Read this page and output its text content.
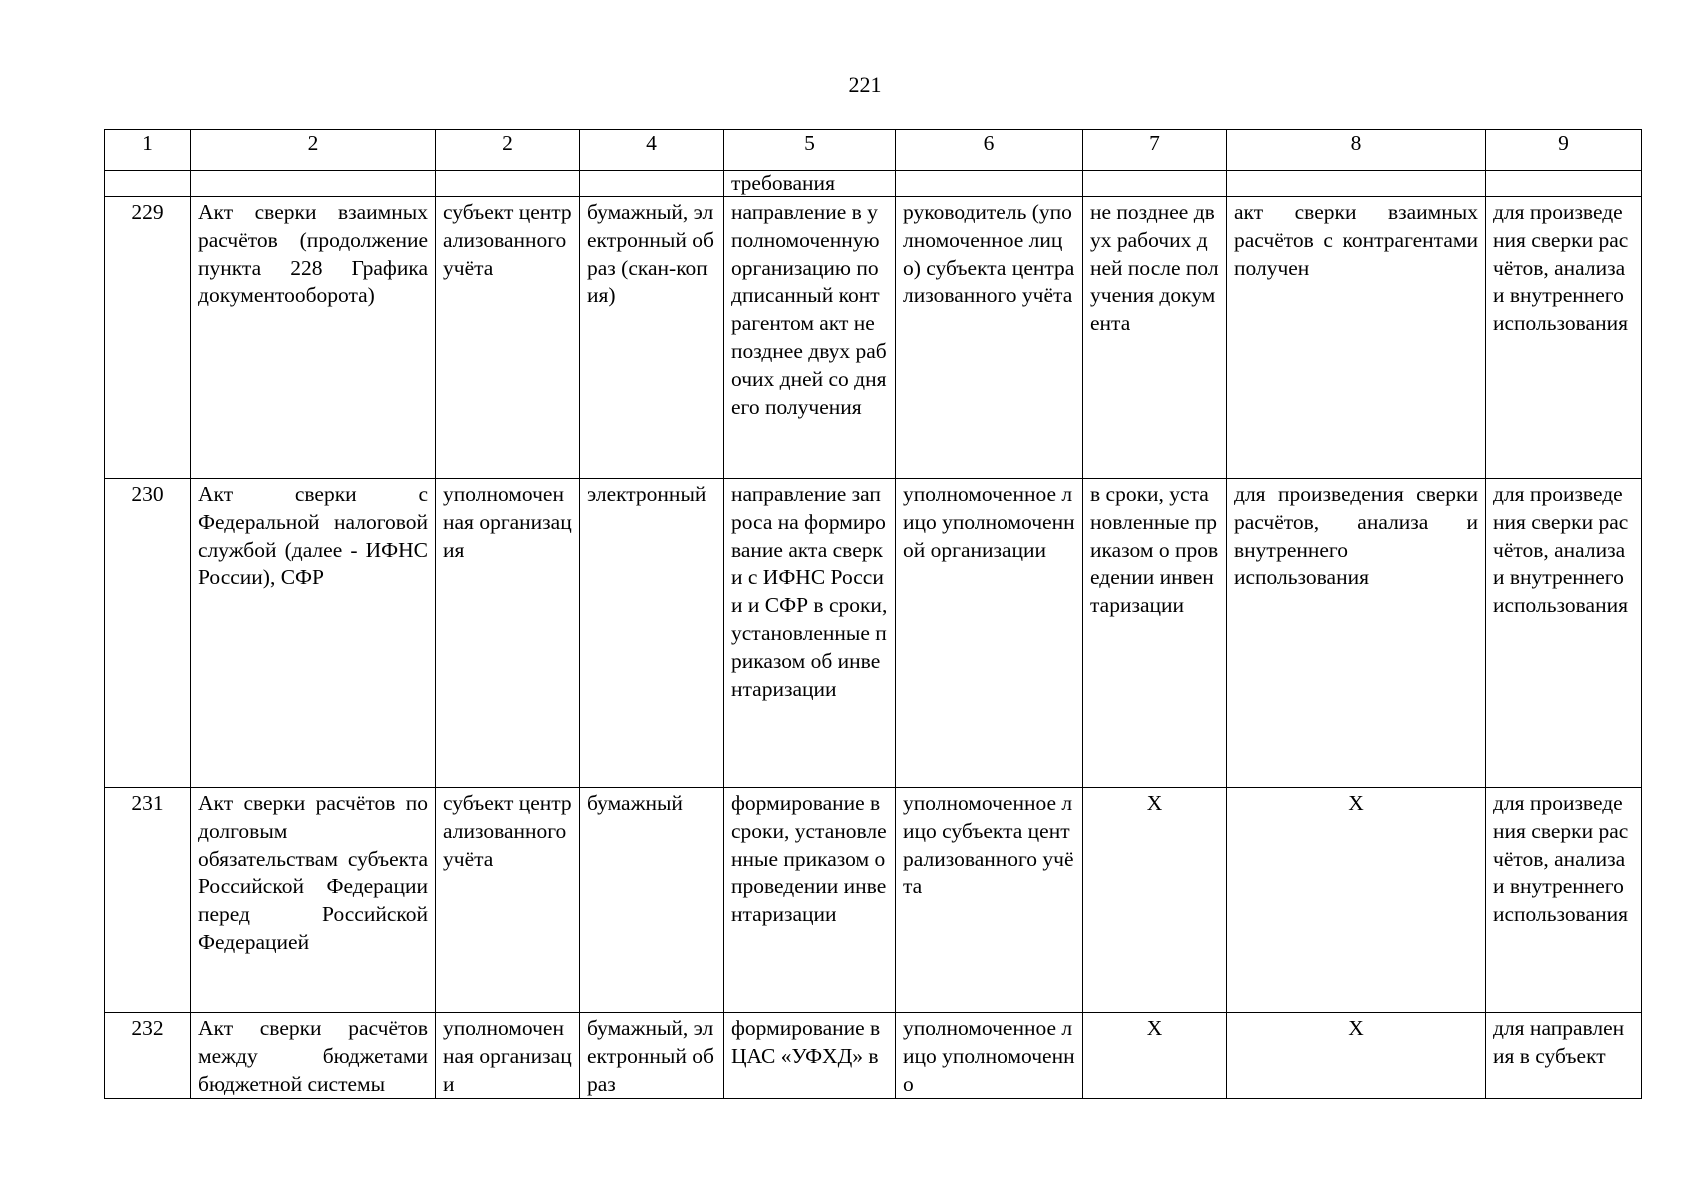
221
1	2	2	4	5	6	7	8	9
				требования				
229	Акт сверки взаимных расчётов (продолжение пункта 228 Графика документооборота)	субъект централизованного учёта	бумажный, электронный образ (скан-копия)	направление в уполномоченную организацию подписанный контрагентом акт не позднее двух рабочих дней со дня его получения	руководитель (уполномоченное лицо) субъекта централизованного учёта	не позднее двух рабочих дней после получения документа	акт сверки взаимных расчётов с контрагентами получен	для произведения сверки расчётов, анализа и внутреннего использования
230	Акт сверки с Федеральной налоговой службой (далее - ИФНС России), СФР	уполномоченная организация	электронный	направление запроса на формирование акта сверки с ИФНС России и СФР в сроки, установленные приказом об инвентаризации	уполномоченное лицо уполномоченной организации	в сроки, установленные приказом о проведении инвентаризации	для произведения сверки расчётов, анализа и внутреннего использования	для произведения сверки расчётов, анализа и внутреннего использования
231	Акт сверки расчётов по долговым обязательствам субъекта Российской Федерации перед Российской Федерацией	субъект централизованного учёта	бумажный	формирование в сроки, установленные приказом о проведении инвентаризации	уполномоченное лицо субъекта централизованного учёта	Х	Х	для произведения сверки расчётов, анализа и внутреннего использования
232	Акт сверки расчётов между бюджетами бюджетной системы	уполномоченная организаци	бумажный, электронный образ	формирование в ЦАС «УФХД» в	уполномоченное лицо уполномоченно	Х	Х	для направления в субъект
